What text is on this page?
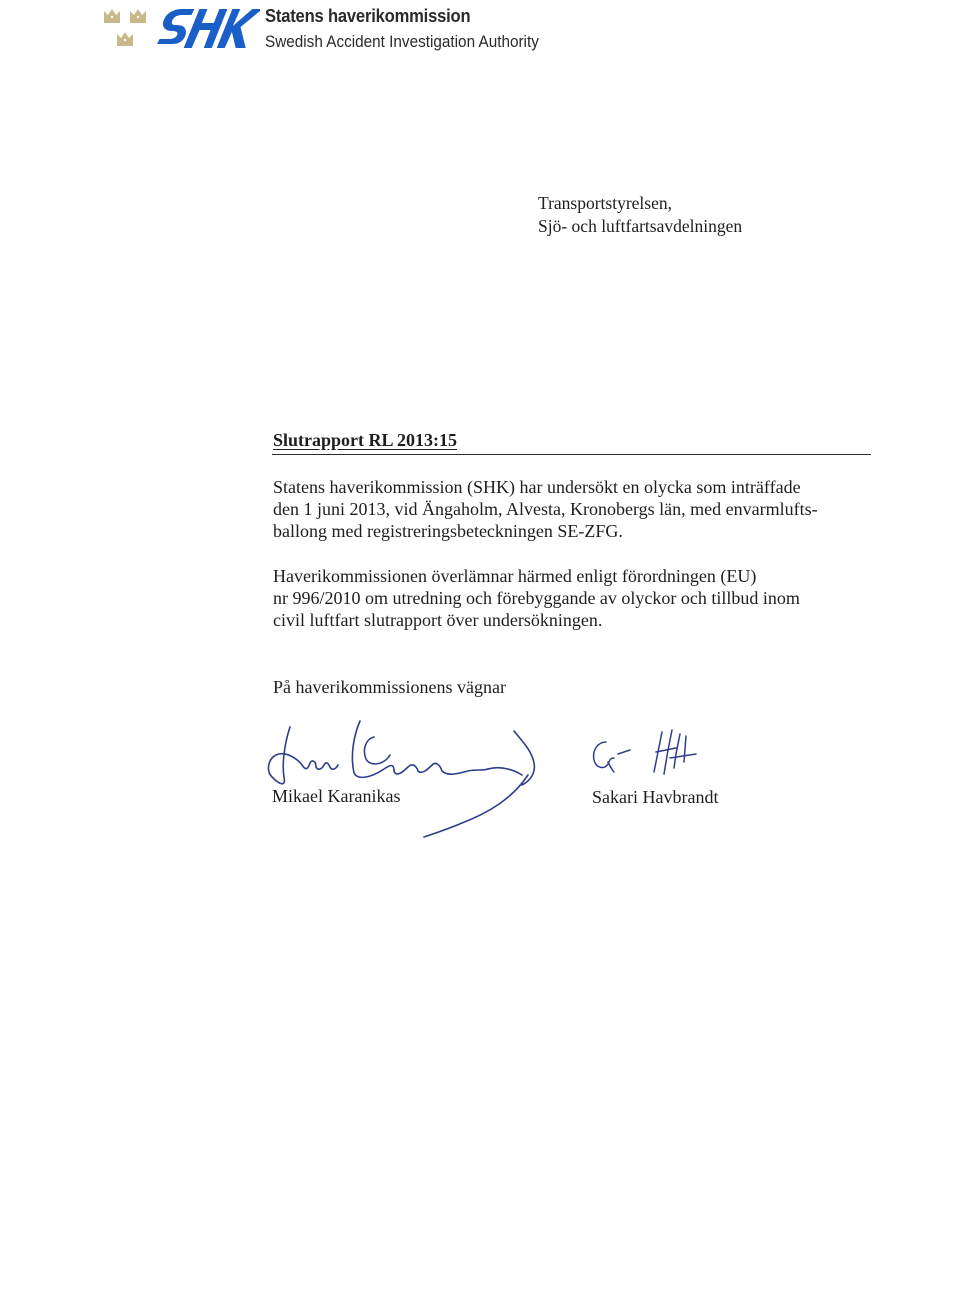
Statens haverikommission
Swedish Accident Investigation Authority
Transportstyrelsen,
Sjö- och luftfartsavdelningen
Slutrapport RL 2013:15
Statens haverikommission (SHK) har undersökt en olycka som inträffade
den 1 juni 2013, vid Ängaholm, Alvesta, Kronobergs län, med envarmlufts-
ballong med registreringsbeteckningen SE-ZFG.
Haverikommissionen överlämnar härmed enligt förordningen (EU)
nr 996/2010 om utredning och förebyggande av olyckor och tillbud inom
civil luftfart slutrapport över undersökningen.
På haverikommissionens vägnar
Mikael Karanikas	Sakari Havbrandt
